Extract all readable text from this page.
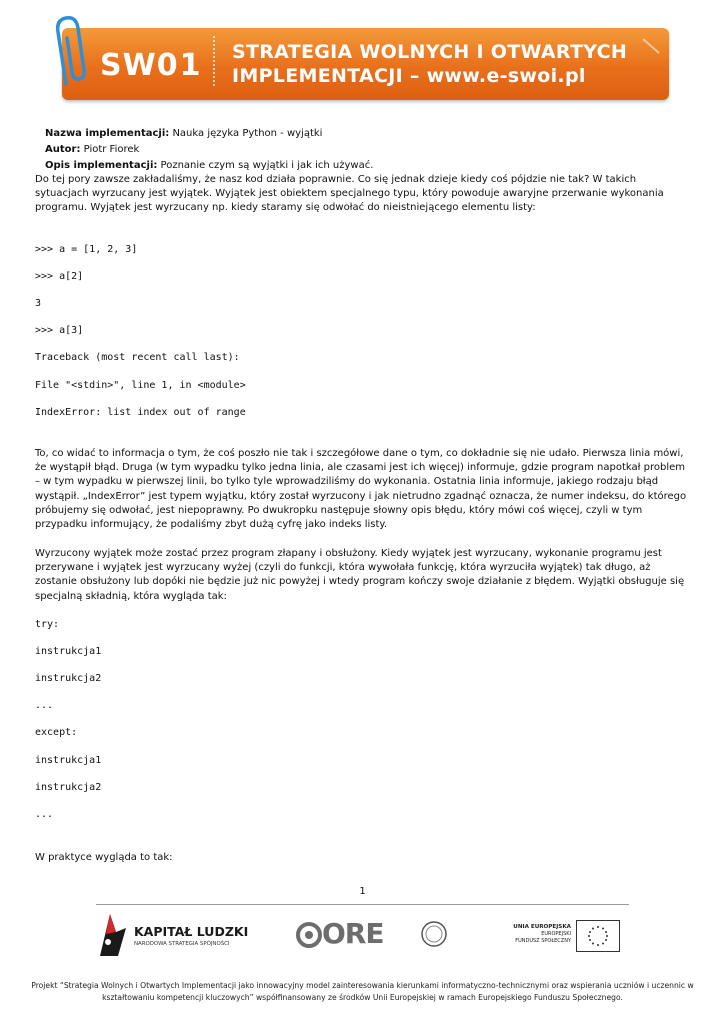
SW01 STRATEGIA WOLNYCH I OTWARTYCH
IMPLEMENTACJI – www.e-swoi.pl
Nazwa implementacji: Nauka języka Python - wyjątki
Autor: Piotr Fiorek
Opis implementacji: Poznanie czym są wyjątki i jak ich używać.

Do tej pory zawsze zakładaliśmy, że nasz kod działa poprawnie. Co się jednak dzieje kiedy coś pójdzie nie tak? W takich sytuacjach wyrzucany jest wyjątek. Wyjątek jest obiektem specjalnego typu, który powoduje awaryjne przerwanie wykonania programu. Wyjątek jest wyrzucany np. kiedy staramy się odwołać do nieistniejącego elementu listy:

>>> a = [1, 2, 3]
>>> a[2]
3
>>> a[3]
Traceback (most recent call last):
File "<stdin>", line 1, in <module>
IndexError: list index out of range

To, co widać to informacja o tym, że coś poszło nie tak i szczegółowe dane o tym, co dokładnie się nie udało. Pierwsza linia mówi, że wystąpił błąd. Druga (w tym wypadku tylko jedna linia, ale czasami jest ich więcej) informuje, gdzie program napotkał problem – w tym wypadku w pierwszej linii, bo tylko tyle wprowadziliśmy do wykonania. Ostatnia linia informuje, jakiego rodzaju błąd wystąpił. „IndexError” jest typem wyjątku, który został wyrzucony i jak nietrudno zgadnąć oznacza, że numer indeksu, do którego próbujemy się odwołać, jest niepoprawny. Po dwukropku następuje słowny opis błędu, który mówi coś więcej, czyli w tym przypadku informujący, że podaliśmy zbyt dużą cyfrę jako indeks listy.

Wyrzucony wyjątek może zostać przez program złapany i obsłużony. Kiedy wyjątek jest wyrzucany, wykonanie programu jest przerywane i wyjątek jest wyrzucany wyżej (czyli do funkcji, która wywołała funkcję, która wyrzuciła wyjątek) tak długo, aż zostanie obsłużony lub dopóki nie będzie już nic powyżej i wtedy program kończy swoje działanie z błędem. Wyjątki obsługuje się specjalną składnią, która wygląda tak:

try:
instrukcja1
instrukcja2
...
except:
instrukcja1
instrukcja2
...

W praktyce wygląda to tak:

1
KAPITAŁ LUDZKI
NARODOWA STRATEGIA SPÓJNOŚCI	ORE	UNIA EUROPEJSKA
EUROPEJSKI
FUNDUSZ SPOŁECZNY
Projekt “Strategia Wolnych i Otwartych Implementacji jako innowacyjny model zainteresowania kierunkami informatyczno-technicznymi oraz wspierania uczniów i uczennic w kształtowaniu kompetencji kluczowych” współfinansowany ze środków Unii Europejskiej w ramach Europejskiego Funduszu Społecznego.
